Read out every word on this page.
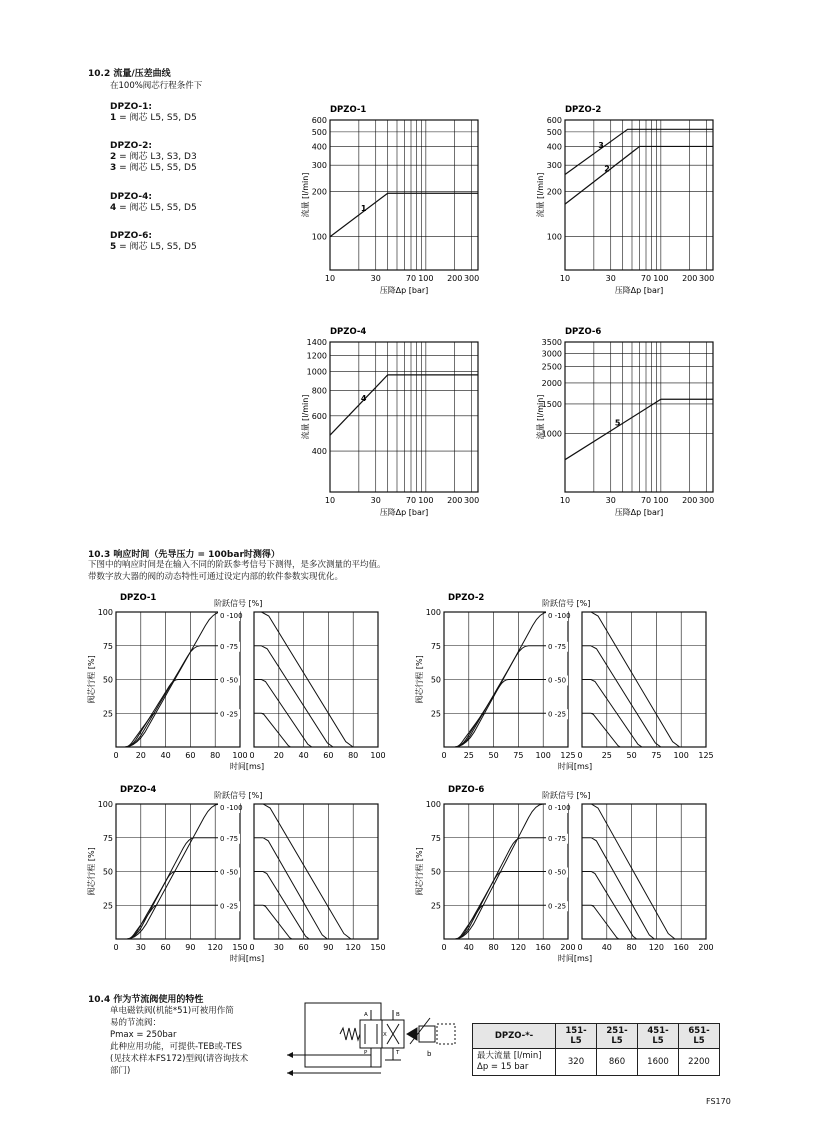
10.2 流量/压差曲线
在100%阀芯行程条件下
DPZO-1:
1 = 阀芯 L5, S5, D5
DPZO-2:
2 = 阀芯 L3, S3, D3
3 = 阀芯 L5, S5, D5
DPZO-4:
4 = 阀芯 L5, S5, D5
DPZO-6:
5 = 阀芯 L5, S5, D5
DPZO-1
100
200
300
400
500
600
10	30	70 100 200 300
压降Δp [bar]
流量 [l/min]	1
DPZO-2
100
200
300
400
500
600
10	30	70 100 200 300
压降Δp [bar]
流量 [l/min]
2
3
DPZO-4
400
600
800
1000
1200
1400
10	30	70 100 200 300
压降Δp [bar]
流量 [l/min]	4
DPZO-6
1000
1500
2000
2500
3000
3500
10	30	70 100 200 300
压降Δp [bar]
流量 [l/min]	5
10.3 响应时间（先导压力 = 100bar时测得）
下图中的响应时间是在输入不同的阶跃参考信号下测得，是多次测量的平均值。
带数字放大器的阀的动态特性可通过设定内部的软件参数实现优化。
DPZO-1
阶跃信号 [%]
25
50
75
100
0 20 40 60 80 100	20 40 60 80 100
0
时间[ms]
阀芯行程 [%]
0 -100
0 -75
0 -50
0 -25
DPZO-2
阶跃信号 [%]
25
50
75
100
0 25 50 75 100 125	25 50 75 100 125
0
时间[ms]
阀芯行程 [%]
0 -100
0 -75
0 -50
0 -25
DPZO-4
阶跃信号 [%]
25
50
75
100
0 30 60 90 120 150	30 60 90 120 150
0
时间[ms]
阀芯行程 [%]
0 -100
0 -75
0 -50
0 -25
DPZO-6
阶跃信号 [%]
25
50
75
100
0 40 80 120 160 200	40 80 120 160 200
0
时间[ms]
阀芯行程 [%]
0 -100
0 -75
0 -50
0 -25
10.4 作为节流阀使用的特性
单电磁铁阀(机能*51)可被用作简
易的节流阀：
Pmax = 250bar
此种应用功能，可提供-TEB或-TES
(见技术样本FS172)型阀(请咨询技术
部门)
A	B
P	T
X
b
DPZO-*-	151-L5	251-L5	451-L5	651-L5

最大流量 [l/min]
Δp = 15 bar	320	860	1600	2200
FS170
